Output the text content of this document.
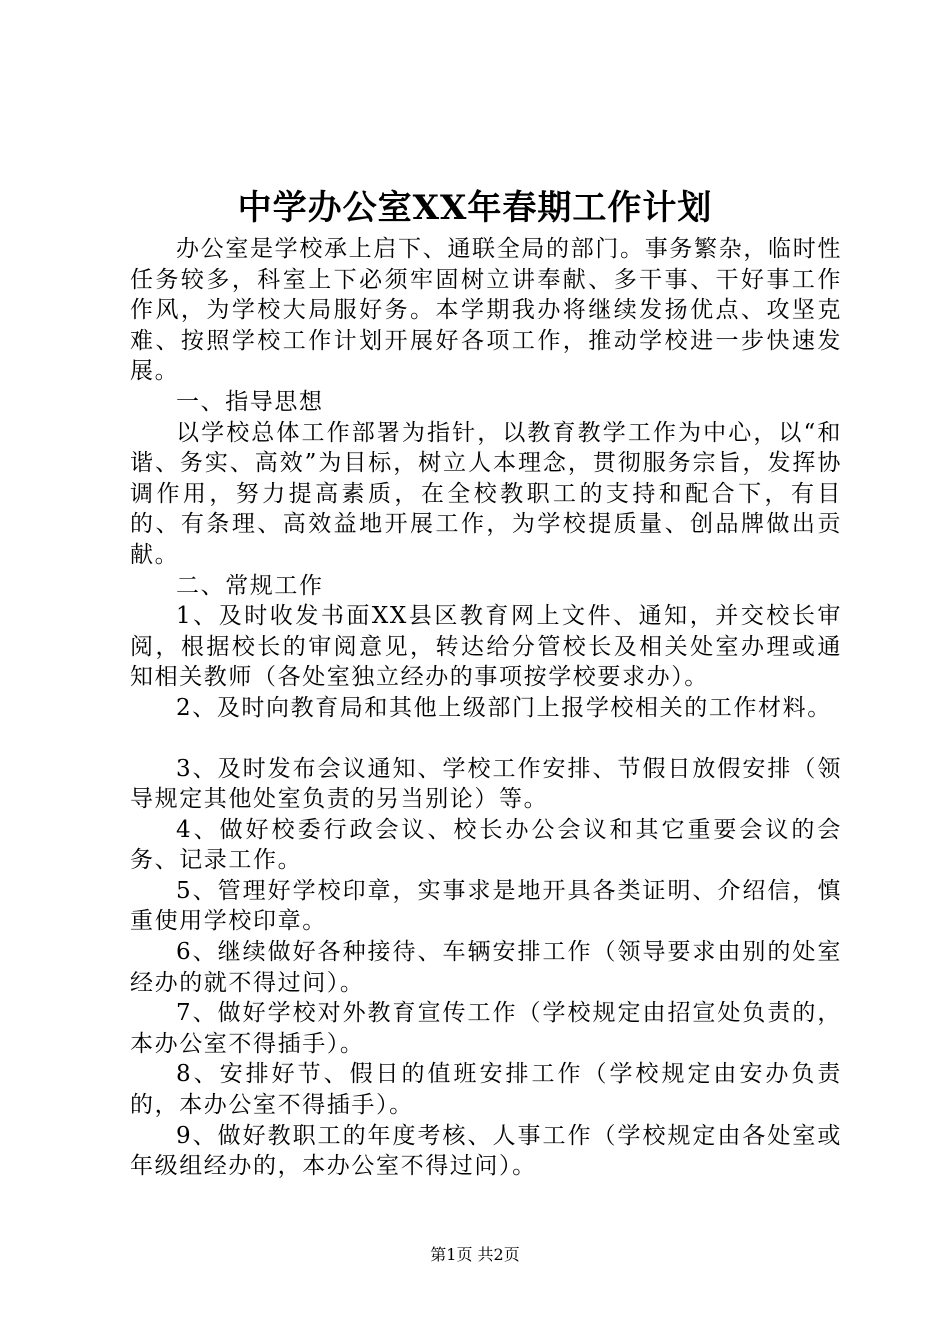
中学办公室XX年春期工作计划

办公室是学校承上启下、通联全局的部门。事务繁杂，临时性任务较多，科室上下必须牢固树立讲奉献、多干事、干好事工作作风，为学校大局服好务。本学期我办将继续发扬优点、攻坚克难、按照学校工作计划开展好各项工作，推动学校进一步快速发展。

一、指导思想

以学校总体工作部署为指针，以教育教学工作为中心，以“和谐、务实、高效”为目标，树立人本理念，贯彻服务宗旨，发挥协调作用，努力提高素质，在全校教职工的支持和配合下，有目的、有条理、高效益地开展工作，为学校提质量、创品牌做出贡献。

二、常规工作

1、及时收发书面XX县区教育网上文件、通知，并交校长审阅，根据校长的审阅意见，转达给分管校长及相关处室办理或通知相关教师（各处室独立经办的事项按学校要求办）。

2、及时向教育局和其他上级部门上报学校相关的工作材料。

3、及时发布会议通知、学校工作安排、节假日放假安排（领导规定其他处室负责的另当别论）等。

4、做好校委行政会议、校长办公会议和其它重要会议的会务、记录工作。

5、管理好学校印章，实事求是地开具各类证明、介绍信，慎重使用学校印章。

6、继续做好各种接待、车辆安排工作（领导要求由别的处室经办的就不得过问）。

7、做好学校对外教育宣传工作（学校规定由招宣处负责的，本办公室不得插手）。

8、安排好节、假日的值班安排工作（学校规定由安办负责的，本办公室不得插手）。

9、做好教职工的年度考核、人事工作（学校规定由各处室或年级组经办的，本办公室不得过问）。

第1页 共2页
